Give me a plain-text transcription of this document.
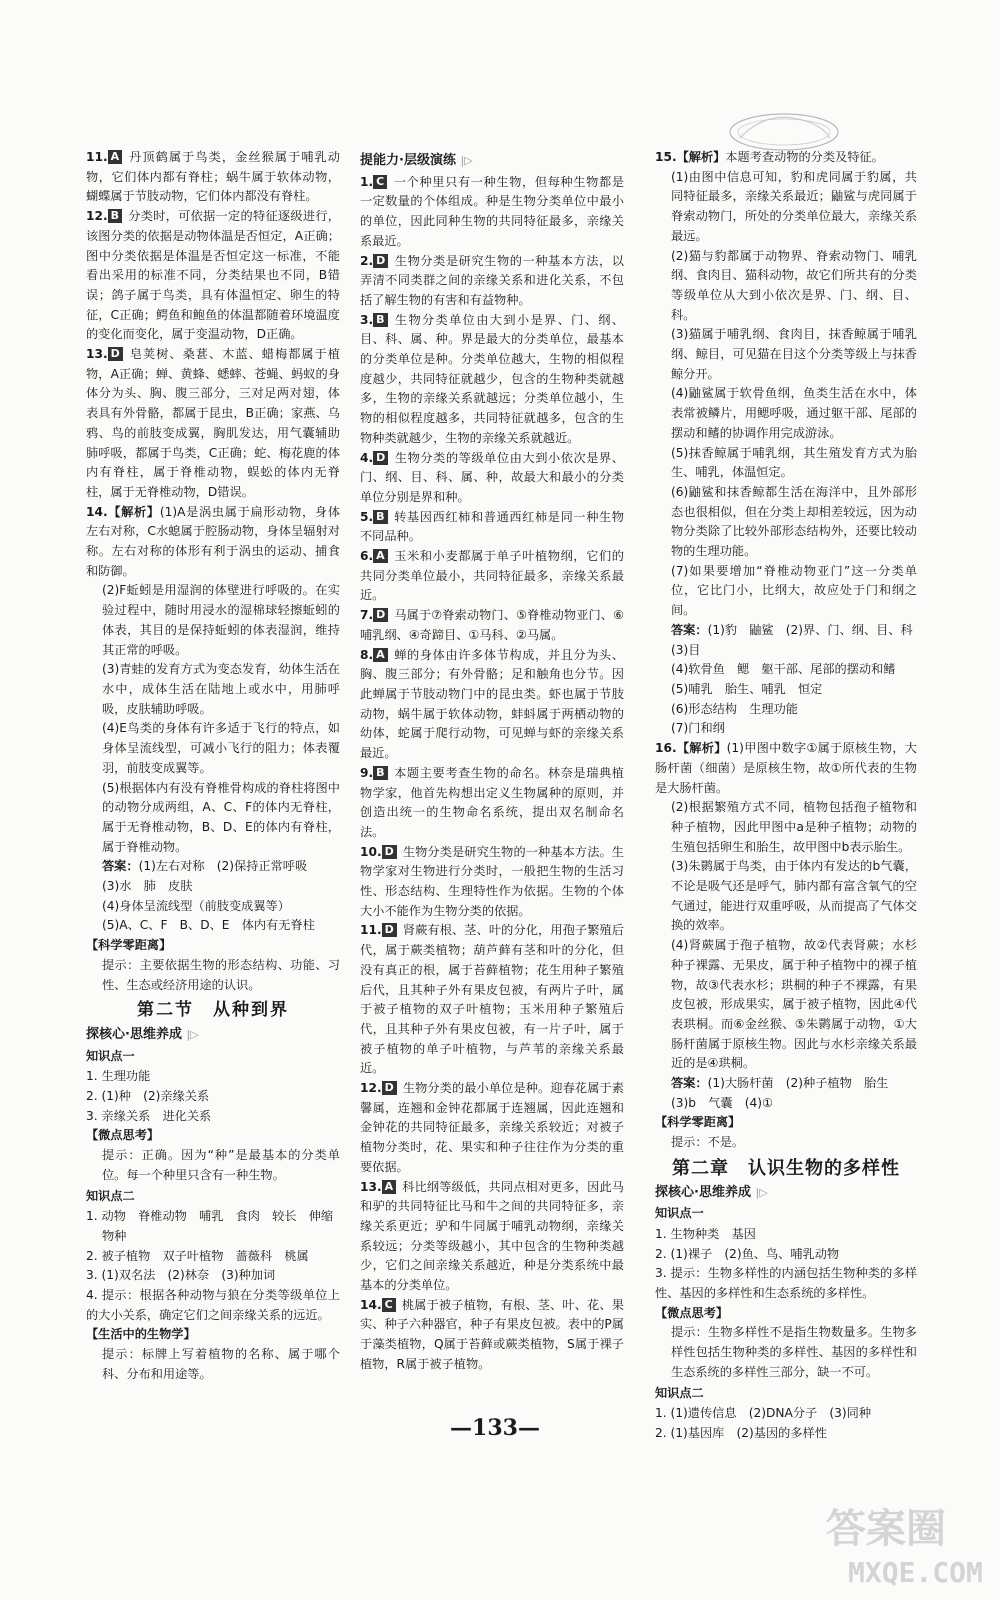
11. A 丹顶鹤属于鸟类，金丝猴属于哺乳动物，它们体内都有脊柱；蜗牛属于软体动物，蝴蝶属于节肢动物，它们体内都没有脊柱。

12. B 分类时，可依据一定的特征逐级进行，该图分类的依据是动物体温是否恒定，A正确；图中分类依据是体温是否恒定这一标准，不能看出采用的标准不同，分类结果也不同，B错误；鸽子属于鸟类，具有体温恒定、卵生的特征，C正确；鳄鱼和鲍鱼的体温都随着环境温度的变化而变化，属于变温动物，D正确。

13. D 皂荚树、桑葚、木蓝、蜡梅都属于植物，A正确；蝉、黄蜂、蟋蟀、苍蝇、蚂蚁的身体分为头、胸、腹三部分，三对足两对翅，体表具有外骨骼，都属于昆虫，B正确；家燕、乌鸦、鸟的前肢变成翼，胸肌发达，用气囊辅助肺呼吸，都属于鸟类，C正确；蛇、梅花鹿的体内有脊柱，属于脊椎动物，蜈蚣的体内无脊柱，属于无脊椎动物，D错误。

14.【解析】(1)A是涡虫属于扁形动物，身体左右对称，C水螅属于腔肠动物，身体呈辐射对称。左右对称的体形有利于涡虫的运动、捕食和防御。

(2)F蚯蚓是用湿润的体壁进行呼吸的。在实验过程中，随时用浸水的湿棉球轻擦蚯蚓的体表，其目的是保持蚯蚓的体表湿润，维持其正常的呼吸。

(3)青蛙的发育方式为变态发育，幼体生活在水中，成体生活在陆地上或水中，用肺呼吸，皮肤辅助呼吸。

(4)E鸟类的身体有许多适于飞行的特点，如身体呈流线型，可减小飞行的阻力；体表覆羽，前肢变成翼等。

(5)根据体内有没有脊椎骨构成的脊柱将图中的动物分成两组，A、C、F的体内无脊柱，属于无脊椎动物，B、D、E的体内有脊柱，属于脊椎动物。

答案：(1)左右对称　(2)保持正常呼吸

(3)水　肺　皮肤

(4)身体呈流线型（前肢变成翼等）

(5)A、C、F　B、D、E　体内有无脊柱

【科学零距离】

提示：主要依据生物的形态结构、功能、习性、生态或经济用途的认识。

第二节　从种到界
探核心·思维养成 |▷

知识点一

1. 生理功能

2. (1)种　(2)亲缘关系

3. 亲缘关系　进化关系

【微点思考】

提示：正确。因为“种”是最基本的分类单位。每一个种里只含有一种生物。

知识点二

1. 动物　脊椎动物　哺乳　食肉　较长　伸缩

物种

2. 被子植物　双子叶植物　蔷薇科　桃属

3. (1)双名法　(2)林奈　(3)种加词

4. 提示：根据各种动物与狼在分类等级单位上的大小关系，确定它们之间亲缘关系的远近。

【生活中的生物学】

提示：标牌上写着植物的名称、属于哪个科、分布和用途等。

提能力·层级演练 |▷

1. C 一个种里只有一种生物，但每种生物都是一定数量的个体组成。种是生物分类单位中最小的单位，因此同种生物的共同特征最多，亲缘关系最近。

2. D 生物分类是研究生物的一种基本方法，以弄清不同类群之间的亲缘关系和进化关系，不包括了解生物的有害和有益物种。

3. B 生物分类单位由大到小是界、门、纲、目、科、属、种。界是最大的分类单位，最基本的分类单位是种。分类单位越大，生物的相似程度越少，共同特征就越少，包含的生物种类就越多，生物的亲缘关系就越远；分类单位越小，生物的相似程度越多，共同特征就越多，包含的生物种类就越少，生物的亲缘关系就越近。

4. D 生物分类的等级单位由大到小依次是界、门、纲、目、科、属、种，故最大和最小的分类单位分别是界和种。

5. B 转基因西红柿和普通西红柿是同一种生物不同品种。

6. A 玉米和小麦都属于单子叶植物纲，它们的共同分类单位最小，共同特征最多，亲缘关系最近。

7. D 马属于⑦脊索动物门、⑤脊椎动物亚门、⑥哺乳纲、④奇蹄目、①马科、②马属。

8. A 蝉的身体由许多体节构成，并且分为头、胸、腹三部分；有外骨骼；足和触角也分节。因此蝉属于节肢动物门中的昆虫类。虾也属于节肢动物，蜗牛属于软体动物，蚌蚪属于两栖动物的幼体，蛇属于爬行动物，可见蝉与虾的亲缘关系最近。

9. B 本题主要考查生物的命名。林奈是瑞典植物学家，他首先构想出定义生物属种的原则，并创造出统一的生物命名系统，提出双名制命名法。

10. D 生物分类是研究生物的一种基本方法。生物学家对生物进行分类时，一般把生物的生活习性、形态结构、生理特性作为依据。生物的个体大小不能作为生物分类的依据。

11. D 肾蕨有根、茎、叶的分化，用孢子繁殖后代，属于蕨类植物；葫芦藓有茎和叶的分化，但没有真正的根，属于苔藓植物；花生用种子繁殖后代，且其种子外有果皮包被，有两片子叶，属于被子植物的双子叶植物；玉米用种子繁殖后代，且其种子外有果皮包被，有一片子叶，属于被子植物的单子叶植物，与芦苇的亲缘关系最近。

12. D 生物分类的最小单位是种。迎春花属于素馨属，连翘和金钟花都属于连翘属，因此连翘和金钟花的共同特征最多，亲缘关系较近；对被子植物分类时，花、果实和种子往往作为分类的重要依据。

13. A 科比纲等级低，共同点相对更多，因此马和驴的共同特征比马和牛之间的共同特征多，亲缘关系更近；驴和牛同属于哺乳动物纲，亲缘关系较远；分类等级越小，其中包含的生物种类越少，它们之间亲缘关系越近，种是分类系统中最基本的分类单位。

14. C 桃属于被子植物，有根、茎、叶、花、果实、种子六种器官，种子有果皮包被。表中的P属于藻类植物，Q属于苔藓或蕨类植物，S属于裸子植物，R属于被子植物。

15.【解析】本题考查动物的分类及特征。

(1)由图中信息可知，豹和虎同属于豹属，共同特征最多，亲缘关系最近；鼬鲨与虎同属于脊索动物门，所处的分类单位最大，亲缘关系最远。

(2)猫与豹都属于动物界、脊索动物门、哺乳纲、食肉目、猫科动物，故它们所共有的分类等级单位从大到小依次是界、门、纲、目、科。

(3)猫属于哺乳纲、食肉目，抹香鲸属于哺乳纲、鲸目，可见猫在目这个分类等级上与抹香鲸分开。

(4)鼬鲨属于软骨鱼纲，鱼类生活在水中，体表常被鳞片，用鳃呼吸，通过躯干部、尾部的摆动和鳍的协调作用完成游泳。

(5)抹香鲸属于哺乳纲，其生殖发育方式为胎生、哺乳，体温恒定。

(6)鼬鲨和抹香鲸都生活在海洋中，且外部形态也很相似，但在分类上却相差较远，因为动物分类除了比较外部形态结构外，还要比较动物的生理功能。

(7)如果要增加“脊椎动物亚门”这一分类单位，它比门小，比纲大，故应处于门和纲之间。

答案：(1)豹　鼬鲨　(2)界、门、纲、目、科

(3)目

(4)软骨鱼　鳃　躯干部、尾部的摆动和鳍

(5)哺乳　胎生、哺乳　恒定

(6)形态结构　生理功能

(7)门和纲

16.【解析】(1)甲图中数字①属于原核生物，大肠杆菌（细菌）是原核生物，故①所代表的生物是大肠杆菌。

(2)根据繁殖方式不同，植物包括孢子植物和种子植物，因此甲图中a是种子植物；动物的生殖包括卵生和胎生，故甲图中b表示胎生。

(3)朱鹮属于鸟类，由于体内有发达的b气囊，不论是吸气还是呼气，肺内都有富含氧气的空气通过，能进行双重呼吸，从而提高了气体交换的效率。

(4)肾蕨属于孢子植物，故②代表肾蕨；水杉种子裸露、无果皮，属于种子植物中的裸子植物，故③代表水杉；珙桐的种子不裸露，有果皮包被，形成果实，属于被子植物，因此④代表珙桐。而⑥金丝猴、⑤朱鹮属于动物，①大肠杆菌属于原核生物。因此与水杉亲缘关系最近的是④珙桐。

答案：(1)大肠杆菌　(2)种子植物　胎生

(3)b　气囊　(4)①

【科学零距离】

提示：不是。

第二章　认识生物的多样性
探核心·思维养成 |▷

知识点一

1. 生物种类　基因

2. (1)裸子　(2)鱼、鸟、哺乳动物

3. 提示：生物多样性的内涵包括生物种类的多样性、基因的多样性和生态系统的多样性。

【微点思考】

提示：生物多样性不是指生物数量多。生物多样性包括生物种类的多样性、基因的多样性和生态系统的多样性三部分，缺一不可。

知识点二

1. (1)遗传信息　(2)DNA分子　(3)同种

2. (1)基因库　(2)基因的多样性

—133—
答案圈
MXQE.COM
